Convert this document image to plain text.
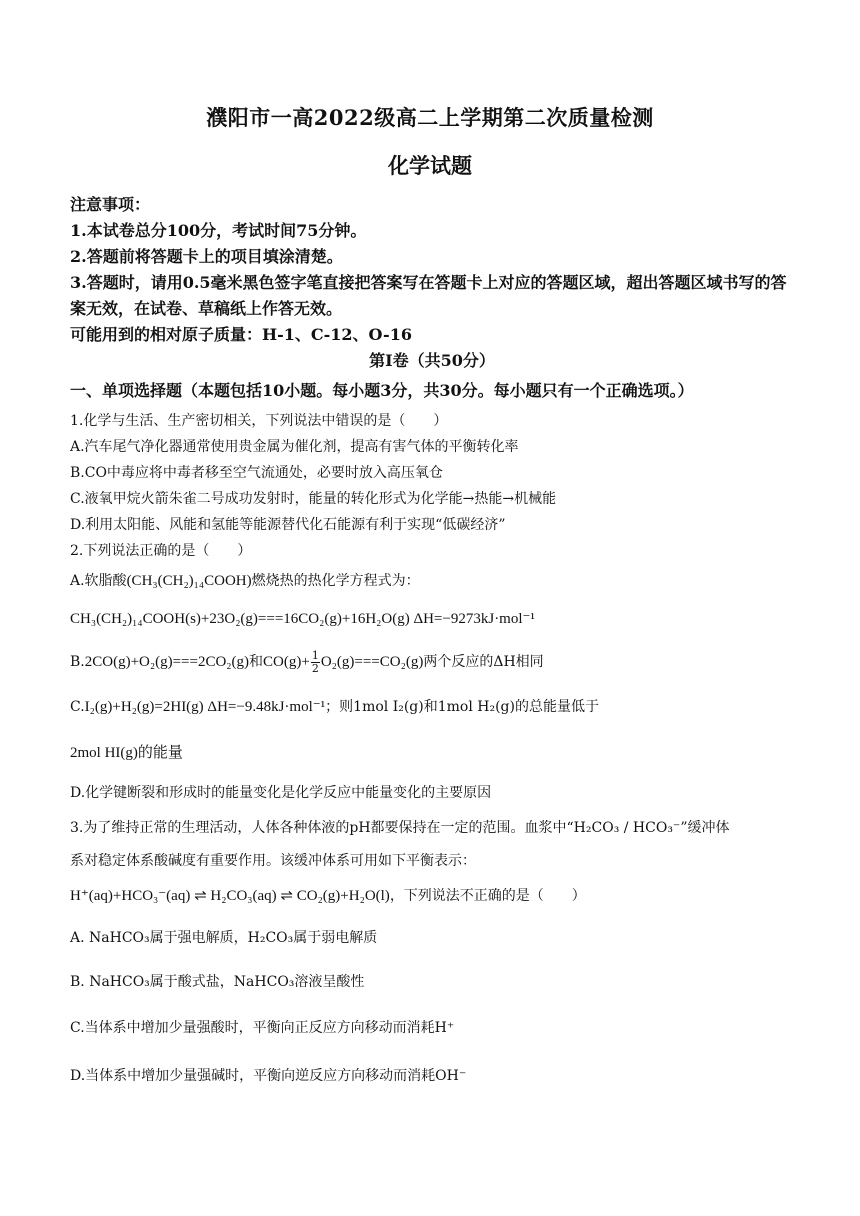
濮阳市一高2022级高二上学期第二次质量检测
化学试题
注意事项：
1.本试卷总分100分，考试时间75分钟。
2.答题前将答题卡上的项目填涂清楚。
3.答题时，请用0.5毫米黑色签字笔直接把答案写在答题卡上对应的答题区域，超出答题区域书写的答案无效，在试卷、草稿纸上作答无效。
可能用到的相对原子质量：H-1、C-12、O-16
第Ⅰ卷（共50分）
一、单项选择题（本题包括10小题。每小题3分，共30分。每小题只有一个正确选项。）
1.化学与生活、生产密切相关，下列说法中错误的是（　　）
A.汽车尾气净化器通常使用贵金属为催化剂，提高有害气体的平衡转化率
B.CO中毒应将中毒者移至空气流通处，必要时放入高压氧仓
C.液氧甲烷火箭朱雀二号成功发射时，能量的转化形式为化学能→热能→机械能
D.利用太阳能、风能和氢能等能源替代化石能源有利于实现“低碳经济”
2.下列说法正确的是（　　）
A.软脂酸(CH₃(CH₂)₁₄COOH)燃烧热的热化学方程式为：
CH₃(CH₂)₁₄COOH(s)+23O₂(g)===16CO₂(g)+16H₂O(g) ΔH=−9273kJ·mol⁻¹
B.2CO(g)+O₂(g)===2CO₂(g)和$CO(g)+ \frac{1}{2} O_2(g)===CO_2(g)$两个反应的ΔH相同
C.I₂(g)+H₂(g)=2HI(g) ΔH=−9.48kJ·mol⁻¹；则1mol I₂(g)和1mol H₂(g)的总能量低于
2mol HI(g)的能量
D.化学键断裂和形成时的能量变化是化学反应中能量变化的主要原因
3.为了维持正常的生理活动，人体各种体液的pH都要保持在一定的范围。血浆中“H₂CO₃ / HCO₃⁻”缓冲体
系对稳定体系酸碱度有重要作用。该缓冲体系可用如下平衡表示：
H⁺(aq)+HCO₃⁻(aq) ⇌ H₂CO₃(aq) ⇌ CO₂(g)+H₂O(l)，下列说法不正确的是（　　）
A. NaHCO₃属于强电解质，H₂CO₃属于弱电解质
B. NaHCO₃属于酸式盐，NaHCO₃溶液呈酸性
C.当体系中增加少量强酸时，平衡向正反应方向移动而消耗H⁺
D.当体系中增加少量强碱时，平衡向逆反应方向移动而消耗OH⁻
